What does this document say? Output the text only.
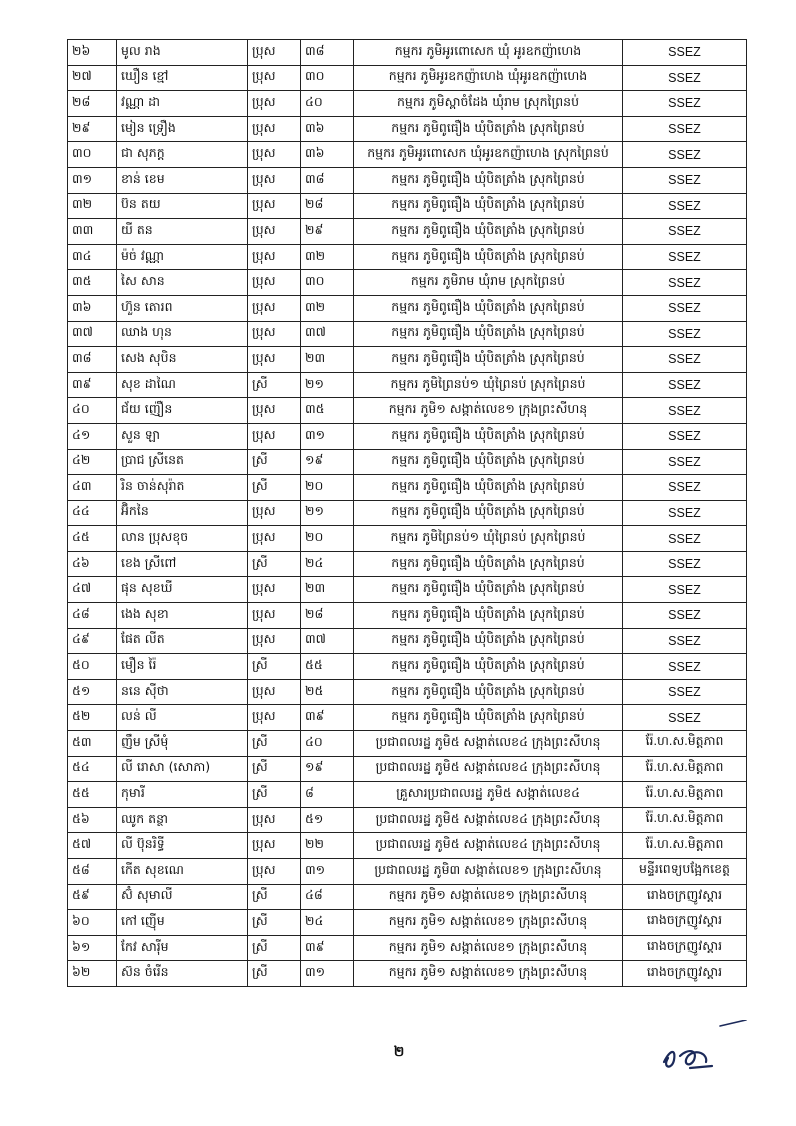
២៦	មូល រាង	ប្រុស	៣៨	កម្មករ ភូមិអូរពោសេក ឃុំ អូរឧកញ៉ាហេង	SSEZ
២៧	ឃឿន ខ្មៅ	ប្រុស	៣០	កម្មករ ភូមិអូរឧកញ៉ាហេង ឃុំអូរឧកញ៉ាហេង	SSEZ
២៨	វណ្ណា ដា	ប្រុស	៤០	កម្មករ ភូមិស្ពាចំដែង ឃុំរាម ស្រុកព្រៃនប់	SSEZ
២៩	មៀន ទ្រឿង	ប្រុស	៣៦	កម្មករ ភូមិពូធឿង ឃុំបិតត្រាំង ស្រុកព្រៃនប់	SSEZ
៣០	ជា សុភក្ត	ប្រុស	៣៦	កម្មករ ភូមិអូរពោសេក ឃុំអូរឧកញ៉ាហេង ស្រុកព្រៃនប់	SSEZ
៣១	ខាន់ ខេម	ប្រុស	៣៨	កម្មករ ភូមិពូធឿង ឃុំបិតត្រាំង ស្រុកព្រៃនប់	SSEZ
៣២	ប៊ន តយ	ប្រុស	២៨	កម្មករ ភូមិពូធឿង ឃុំបិតត្រាំង ស្រុកព្រៃនប់	SSEZ
៣៣	យី តន	ប្រុស	២៩	កម្មករ ភូមិពូធឿង ឃុំបិតត្រាំង ស្រុកព្រៃនប់	SSEZ
៣៤	ម៉ច់ វណ្ណា	ប្រុស	៣២	កម្មករ ភូមិពូធឿង ឃុំបិតត្រាំង ស្រុកព្រៃនប់	SSEZ
៣៥	សៃ សាន	ប្រុស	៣០	កម្មករ ភូមិរាម ឃុំរាម ស្រុកព្រៃនប់	SSEZ
៣៦	ហ៊ួន តោរព	ប្រុស	៣២	កម្មករ ភូមិពូធឿង ឃុំបិតត្រាំង ស្រុកព្រៃនប់	SSEZ
៣៧	ឈាង ហុន	ប្រុស	៣៧	កម្មករ ភូមិពូធឿង ឃុំបិតត្រាំង ស្រុកព្រៃនប់	SSEZ
៣៨	សេង សុបិន	ប្រុស	២៣	កម្មករ ភូមិពូធឿង ឃុំបិតត្រាំង ស្រុកព្រៃនប់	SSEZ
៣៩	សុខ ដាណៃ	ស្រី	២១	កម្មករ ភូមិព្រៃនប់១ ឃុំព្រៃនប់ ស្រុកព្រៃនប់	SSEZ
៤០	ជ័យ ញ៉ឿន	ប្រុស	៣៥	កម្មករ ភូមិ១ សង្កាត់លេខ១ ក្រុងព្រះសីហនុ	SSEZ
៤១	សួន ឡា	ប្រុស	៣១	កម្មករ ភូមិពូធឿង ឃុំបិតត្រាំង ស្រុកព្រៃនប់	SSEZ
៤២	ប្រាជ ស្រីនេត	ស្រី	១៩	កម្មករ ភូមិពូធឿង ឃុំបិតត្រាំង ស្រុកព្រៃនប់	SSEZ
៤៣	រិន ចាន់សុរ៉ាត	ស្រី	២០	កម្មករ ភូមិពូធឿង ឃុំបិតត្រាំង ស្រុកព្រៃនប់	SSEZ
៤៤	អ៊ិកនៃ	ប្រុស	២១	កម្មករ ភូមិពូធឿង ឃុំបិតត្រាំង ស្រុកព្រៃនប់	SSEZ
៤៥	លាន ប្រុសខុច	ប្រុស	២០	កម្មករ ភូមិព្រៃនប់១ ឃុំព្រៃនប់ ស្រុកព្រៃនប់	SSEZ
៤៦	ខេង ស្រីពៅ	ស្រី	២៤	កម្មករ ភូមិពូធឿង ឃុំបិតត្រាំង ស្រុកព្រៃនប់	SSEZ
៤៧	ផុន សុខឃី	ប្រុស	២៣	កម្មករ ភូមិពូធឿង ឃុំបិតត្រាំង ស្រុកព្រៃនប់	SSEZ
៤៨	ងេង សុខា	ប្រុស	២៨	កម្មករ ភូមិពូធឿង ឃុំបិតត្រាំង ស្រុកព្រៃនប់	SSEZ
៤៩	ផែត លីត	ប្រុស	៣៧	កម្មករ ភូមិពូធឿង ឃុំបិតត្រាំង ស្រុកព្រៃនប់	SSEZ
៥០	មឿន រ៉ៃ	ស្រី	៥៥	កម្មករ ភូមិពូធឿង ឃុំបិតត្រាំង ស្រុកព្រៃនប់	SSEZ
៥១	ននេ ស៊ីថា	ប្រុស	២៥	កម្មករ ភូមិពូធឿង ឃុំបិតត្រាំង ស្រុកព្រៃនប់	SSEZ
៥២	លន់ លី	ប្រុស	៣៩	កម្មករ ភូមិពូធឿង ឃុំបិតត្រាំង ស្រុកព្រៃនប់	SSEZ
៥៣	ញឹម ស្រីមុំ	ស្រី	៤០	ប្រជាពលរដ្ឋ ភូមិ៥ សង្កាត់លេខ៤ ក្រុងព្រះសីហនុ	រ៉ែ.ហ.ស.មិត្តភាព
៥៤	លី រោសា (សោភា)	ស្រី	១៩	ប្រជាពលរដ្ឋ ភូមិ៥ សង្កាត់លេខ៤ ក្រុងព្រះសីហនុ	រ៉ែ.ហ.ស.មិត្តភាព
៥៥	កុមារី	ស្រី	៨	គ្រួសារប្រជាពលរដ្ឋ ភូមិ៥ សង្កាត់លេខ៤	រ៉ែ.ហ.ស.មិត្តភាព
៥៦	ឈូក តន្ថា	ប្រុស	៥១	ប្រជាពលរដ្ឋ ភូមិ៥ សង្កាត់លេខ៤ ក្រុងព្រះសីហនុ	រ៉ែ.ហ.ស.មិត្តភាព
៥៧	លី ប៊ុនរិទ្ធី	ប្រុស	២២	ប្រជាពលរដ្ឋ ភូមិ៥ សង្កាត់លេខ៤ ក្រុងព្រះសីហនុ	រ៉ែ.ហ.ស.មិត្តភាព
៥៨	កើត សុខណេ	ប្រុស	៣១	ប្រជាពលរដ្ឋ ភូមិ៣ សង្កាត់លេខ១ ក្រុងព្រះសីហនុ	មន្ទីរពេទ្យបង្អែកខេត្ត
៥៩	ស៊ំ សុមាលី	ស្រី	៤៨	កម្មករ ភូមិ១ សង្កាត់លេខ១ ក្រុងព្រះសីហនុ	រោងចក្រញូវស្តារ
៦០	កៅ ញ៉ើម	ស្រី	២៤	កម្មករ ភូមិ១ សង្កាត់លេខ១ ក្រុងព្រះសីហនុ	រោងចក្រញូវស្តារ
៦១	កែវ សារ៉ីម	ស្រី	៣៩	កម្មករ ភូមិ១ សង្កាត់លេខ១ ក្រុងព្រះសីហនុ	រោងចក្រញូវស្តារ
៦២	ស៊ន ចំរើន	ស្រី	៣១	កម្មករ ភូមិ១ សង្កាត់លេខ១ ក្រុងព្រះសីហនុ	រោងចក្រញូវស្តារ
២
